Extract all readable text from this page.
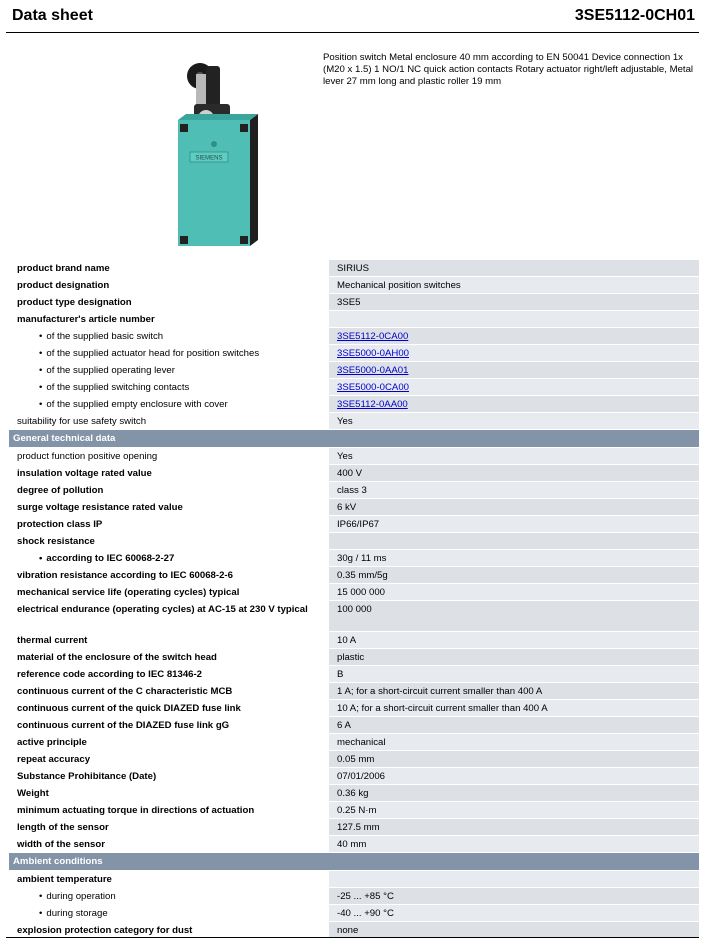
Data sheet	3SE5112-0CH01
SIEMENS
Position switch Metal enclosure 40 mm according to EN 50041 Device connection 1x (M20 x 1.5) 1 NO/1 NC quick action contacts Rotary actuator right/left adjustable, Metal lever 27 mm long and plastic roller 19 mm
product brand name		SIRIUS
product designation		Mechanical position switches
product type designation		3SE5
manufacturer's article number		
• of the supplied basic switch		3SE5112-0CA00
• of the supplied actuator head for position switches		3SE5000-0AH00
• of the supplied operating lever		3SE5000-0AA01
• of the supplied switching contacts		3SE5000-0CA00
• of the supplied empty enclosure with cover		3SE5112-0AA00
suitability for use safety switch		Yes
General technical data		
product function positive opening		Yes
insulation voltage rated value		400 V
degree of pollution		class 3
surge voltage resistance rated value		6 kV
protection class IP		IP66/IP67
shock resistance		
• according to IEC 60068-2-27		30g / 11 ms
vibration resistance according to IEC 60068-2-6		0.35 mm/5g
mechanical service life (operating cycles) typical		15 000 000
electrical endurance (operating cycles) at AC-15 at 230 V typical		100 000
thermal current		10 A
material of the enclosure of the switch head		plastic
reference code according to IEC 81346-2		B
continuous current of the C characteristic MCB		1 A; for a short-circuit current smaller than 400 A
continuous current of the quick DIAZED fuse link		10 A; for a short-circuit current smaller than 400 A
continuous current of the DIAZED fuse link gG		6 A
active principle		mechanical
repeat accuracy		0.05 mm
Substance Prohibitance (Date)		07/01/2006
Weight		0.36 kg
minimum actuating torque in directions of actuation		0.25 N·m
length of the sensor		127.5 mm
width of the sensor		40 mm
Ambient conditions		
ambient temperature		
• during operation		-25 ... +85 °C
• during storage		-40 ... +90 °C
explosion protection category for dust		none
